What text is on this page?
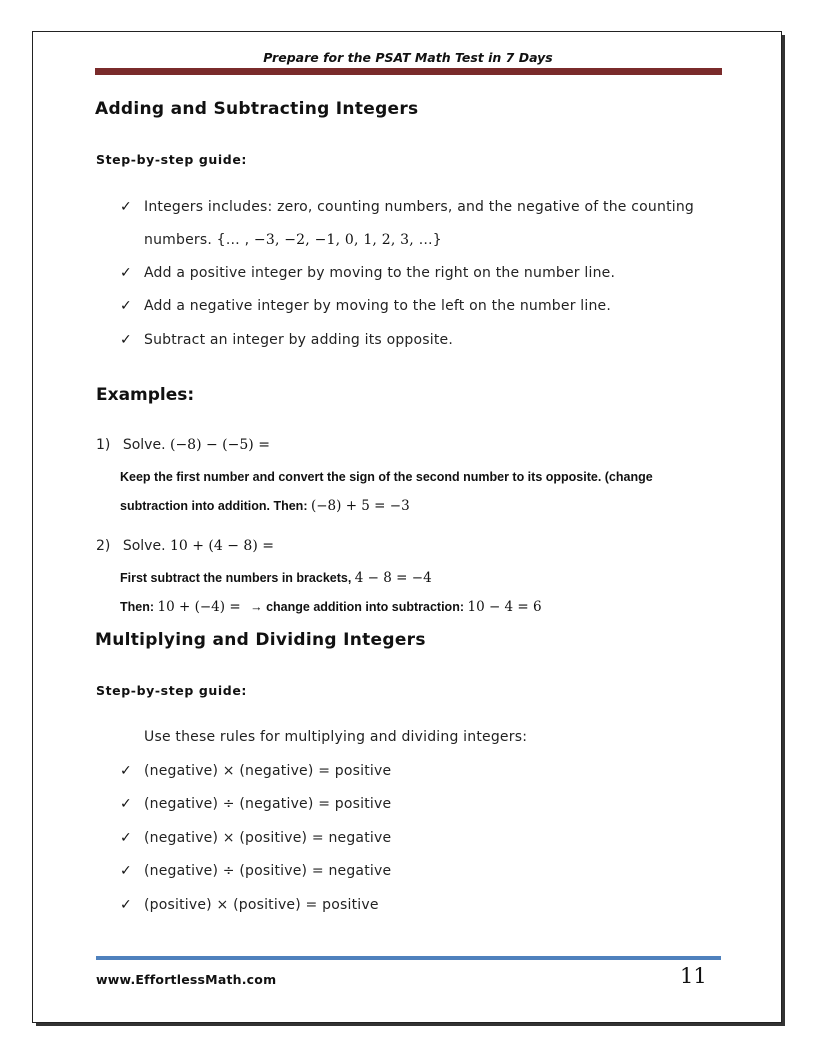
Prepare for the PSAT Math Test in 7 Days
Adding and Subtracting Integers
Step-by-step guide:
✓ Integers includes: zero, counting numbers, and the negative of the counting
numbers. {… , −3, −2, −1, 0, 1, 2, 3, …}
✓ Add a positive integer by moving to the right on the number line.
✓ Add a negative integer by moving to the left on the number line.
✓ Subtract an integer by adding its opposite.
Examples:
1) Solve. (−8) − (−5) =
Keep the first number and convert the sign of the second number to its opposite. (change
subtraction into addition. Then: (−8) + 5 = −3
2) Solve. 10 + (4 − 8) =
First subtract the numbers in brackets, 4 − 8 = −4
Then: 10 + (−4) = → change addition into subtraction: 10 − 4 = 6
Multiplying and Dividing Integers
Step-by-step guide:
Use these rules for multiplying and dividing integers:
✓ (negative) × (negative) = positive
✓ (negative) ÷ (negative) = positive
✓ (negative) × (positive) = negative
✓ (negative) ÷ (positive) = negative
✓ (positive) × (positive) = positive
www.EffortlessMath.com	11
